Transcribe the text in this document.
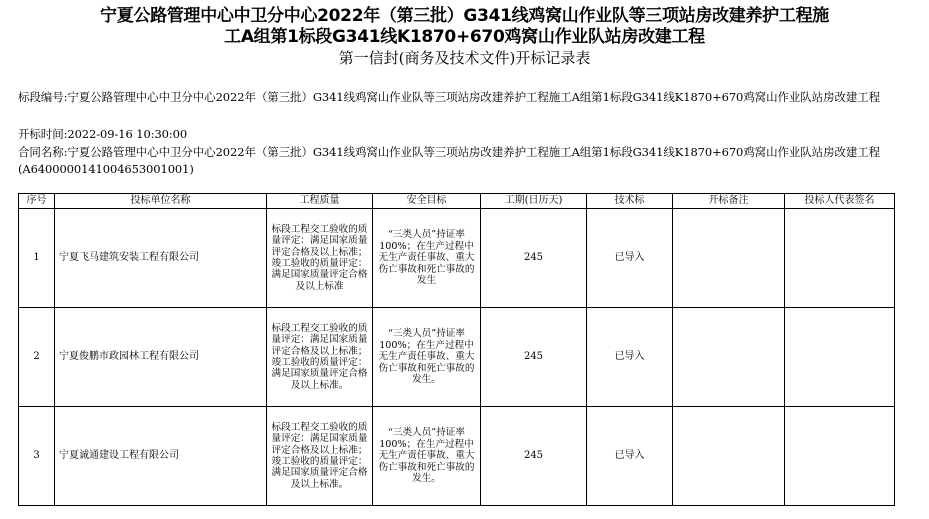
宁夏公路管理中心中卫分中心2022年（第三批）G341线鸡窝山作业队等三项站房改建养护工程施
工A组第1标段G341线K1870+670鸡窝山作业队站房改建工程
第一信封(商务及技术文件)开标记录表
标段编号:宁夏公路管理中心中卫分中心2022年（第三批）G341线鸡窝山作业队等三项站房改建养护工程施工A组第1标段G341线K1870+670鸡窝山作业队站房改建工程
开标时间:2022-09-16 10:30:00
合同名称:宁夏公路管理中心中卫分中心2022年（第三批）G341线鸡窝山作业队等三项站房改建养护工程施工A组第1标段G341线K1870+670鸡窝山作业队站房改建工程(A640000014100465300​1001)
序号	投标单位名称	工程质量	安全目标	工期(日历天)	技术标	开标备注	投标人代表签名
1	宁夏飞马建筑安装工程有限公司	标段工程交工验收的质量评定：满足国家质量评定合格及以上标准；竣工验收的质量评定：满足国家质量评定合格及以上标准	“三类人员”持证率100%；在生产过程中无生产责任事故、重大伤亡事故和死亡事故的发生	245	已导入		
2	宁夏俊鹏市政园林工程有限公司	标段工程交工验收的质量评定：满足国家质量评定合格及以上标准；竣工验收的质量评定：满足国家质量评定合格及以上标准。	“三类人员”持证率100%；在生产过程中无生产责任事故、重大伤亡事故和死亡事故的发生。	245	已导入		
3	宁夏诚通建设工程有限公司	标段工程交工验收的质量评定：满足国家质量评定合格及以上标准；竣工验收的质量评定：满足国家质量评定合格及以上标准。	“三类人员”持证率100%；在生产过程中无生产责任事故、重大伤亡事故和死亡事故的发生。	245	已导入		
